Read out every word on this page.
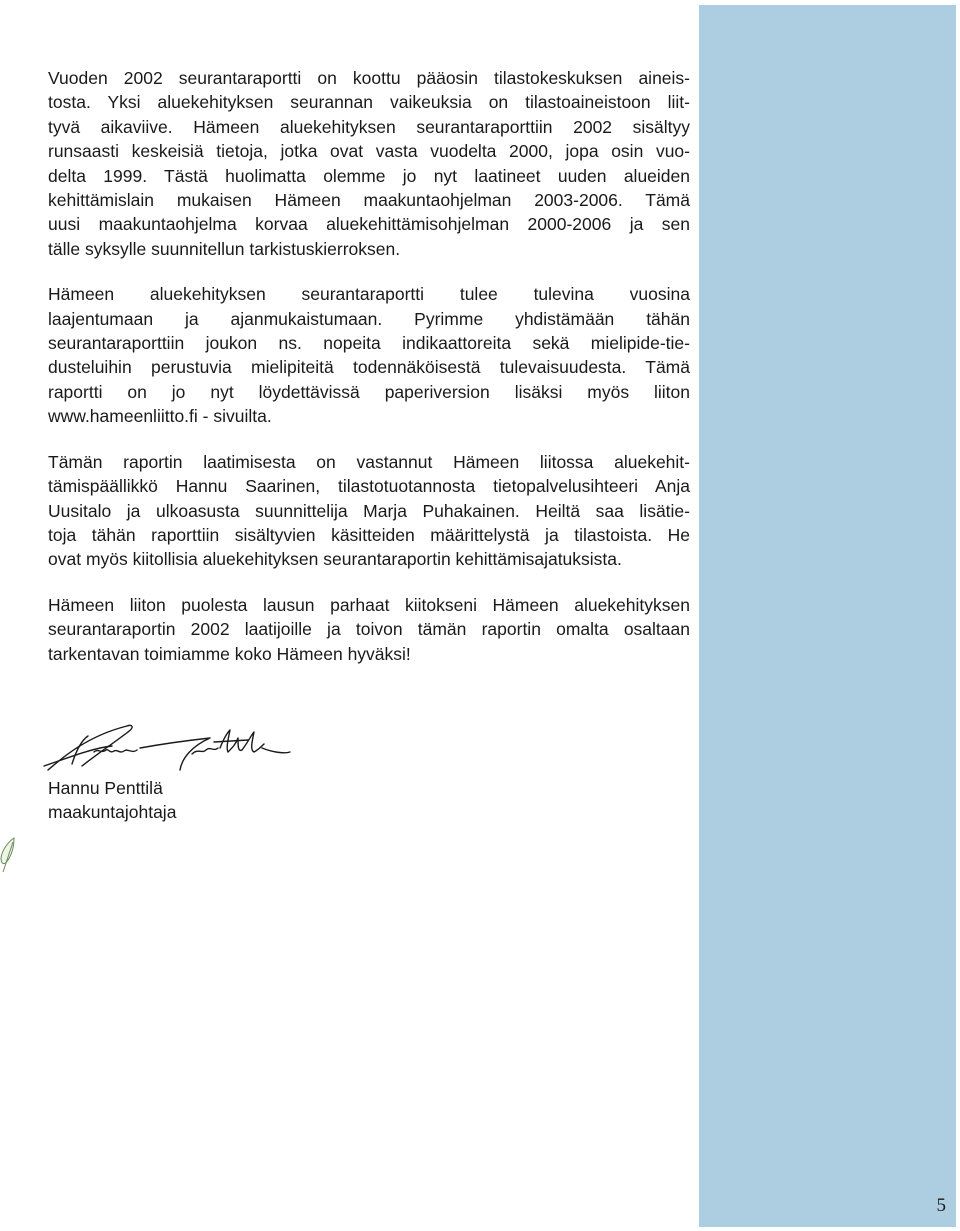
Vuoden 2002 seurantaraportti on koottu pääosin tilastokeskuksen aineis-
tosta. Yksi aluekehityksen seurannan vaikeuksia on tilastoaineistoon liit-
tyvä aikaviive. Hämeen aluekehityksen seurantaraporttiin 2002 sisältyy
runsaasti keskeisiä tietoja, jotka ovat vasta vuodelta 2000, jopa osin vuo-
delta 1999. Tästä huolimatta olemme jo nyt laatineet uuden alueiden
kehittämislain mukaisen Hämeen maakuntaohjelman 2003-2006. Tämä
uusi maakuntaohjelma korvaa aluekehittämisohjelman 2000-2006 ja sen
tälle syksylle suunnitellun tarkistuskierroksen.

Hämeen aluekehityksen seurantaraportti tulee tulevina vuosina
laajentumaan ja ajanmukaistumaan. Pyrimme yhdistämään tähän
seurantaraporttiin joukon ns. nopeita indikaattoreita sekä mielipide-tie-
dusteluihin perustuvia mielipiteitä todennäköisestä tulevaisuudesta. Tämä
raportti on jo nyt löydettävissä paperiversion lisäksi myös liiton
www.hameenliitto.fi - sivuilta.

Tämän raportin laatimisesta on vastannut Hämeen liitossa aluekehit-
tämispäällikkö Hannu Saarinen, tilastotuotannosta tietopalvelusihteeri Anja
Uusitalo ja ulkoasusta suunnittelija Marja Puhakainen. Heiltä saa lisätie-
toja tähän raporttiin sisältyvien käsitteiden määrittelystä ja tilastoista. He
ovat myös kiitollisia aluekehityksen seurantaraportin kehittämisajatuksista.

Hämeen liiton puolesta lausun parhaat kiitokseni Hämeen aluekehityksen
seurantaraportin 2002 laatijoille ja toivon tämän raportin omalta osaltaan
tarkentavan toimiamme koko Hämeen hyväksi!

Hannu Penttilä
maakuntajohtaja
5
